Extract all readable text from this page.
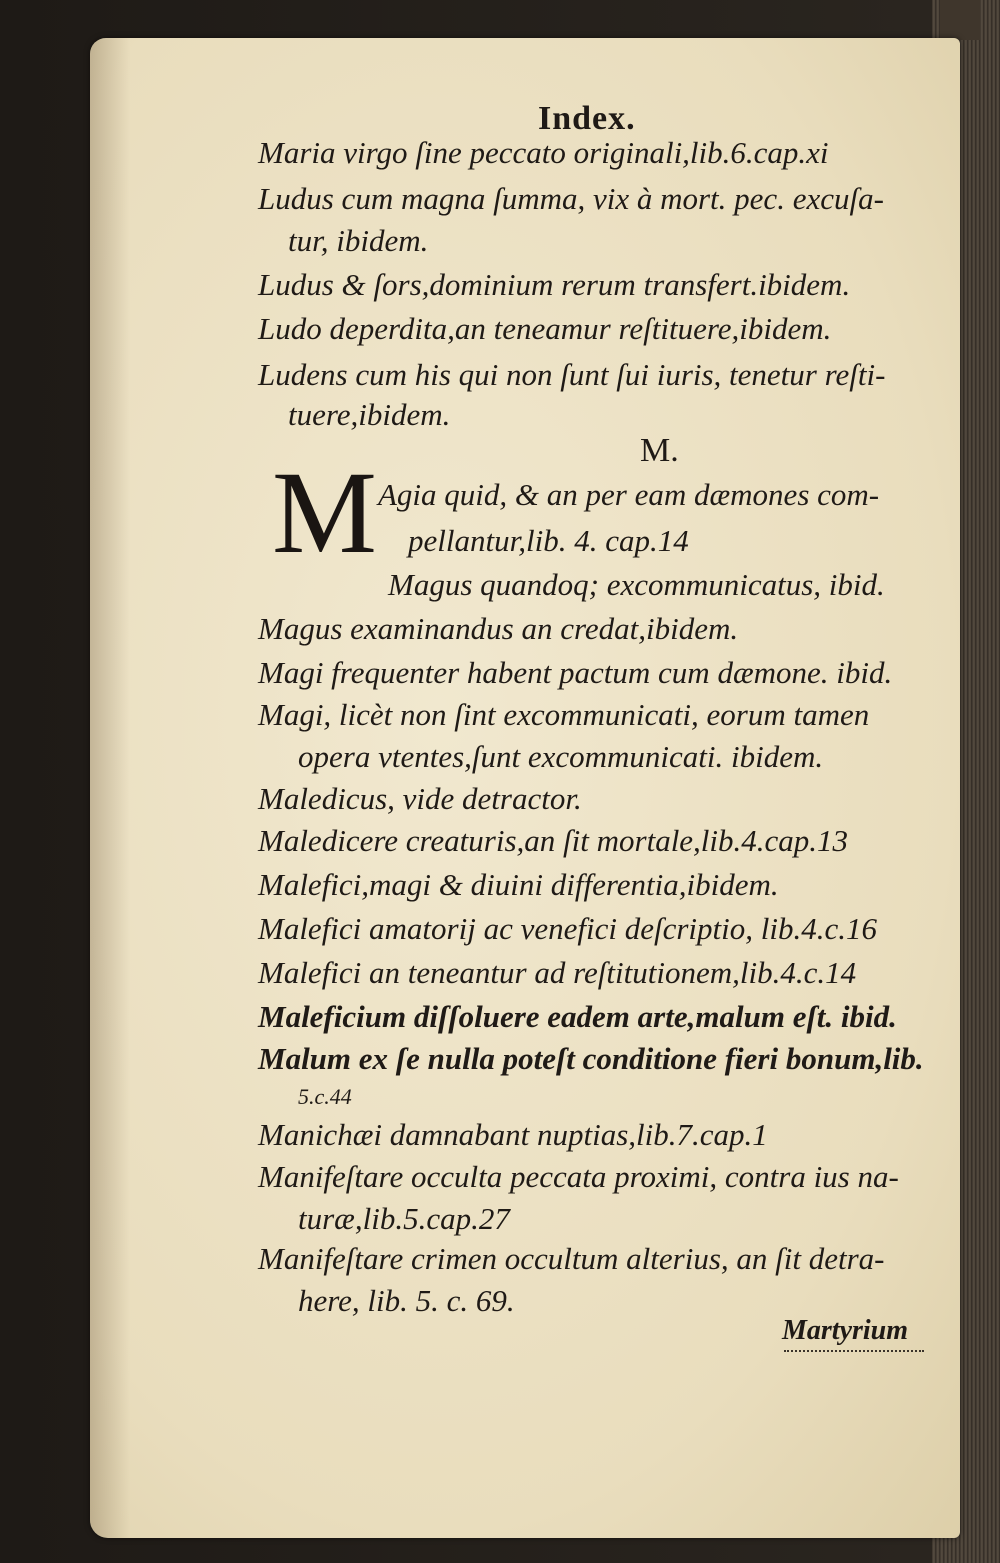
Index.
Maria virgo ſine peccato originali,lib.6.cap.xi
Ludus cum magna ſumma, vix à mort. pec. excuſa-
tur, ibidem.
Ludus & ſors,dominium rerum transfert.ibidem.
Ludo deperdita,an teneamur reſtituere,ibidem.
Ludens cum his qui non ſunt ſui iuris, tenetur reſti-
tuere,ibidem.
M.
M Agia quid, & an per eam dæmones com-
pellantur,lib. 4. cap.14
Magus quandoq; excommunicatus, ibid.
Magus examinandus an credat,ibidem.
Magi frequenter habent pactum cum dæmone. ibid.
Magi, licèt non ſint excommunicati, eorum tamen
opera vtentes,ſunt excommunicati. ibidem.
Maledicus, vide detractor.
Maledicere creaturis,an ſit mortale,lib.4.cap.13
Malefici,magi & diuini differentia,ibidem.
Malefici amatorij ac venefici deſcriptio, lib.4.c.16
Malefici an teneantur ad reſtitutionem,lib.4.c.14
Maleficium diſſoluere eadem arte,malum eſt. ibid.
Malum ex ſe nulla poteſt conditione fieri bonum,lib.
5.c.44
Manichæi damnabant nuptias,lib.7.cap.1
Manifeſtare occulta peccata proximi, contra ius na-
turæ,lib.5.cap.27
Manifeſtare crimen occultum alterius, an ſit detra-
here, lib. 5. c. 69.
Martyrium
